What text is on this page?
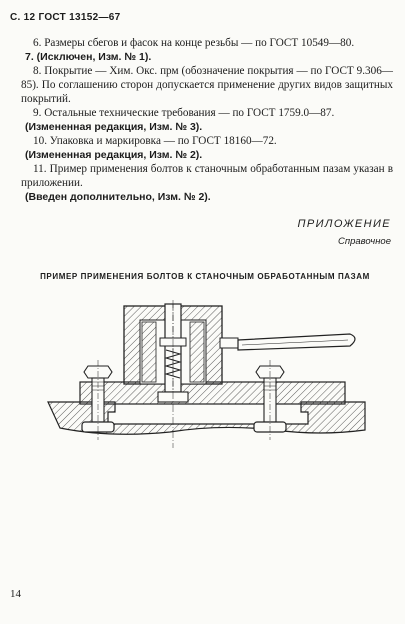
С. 12 ГОСТ 13152—67

6. Размеры сбегов и фасок на конце резьбы — по ГОСТ 10549—80.

7. (Исключен, Изм. № 1).

8. Покрытие — Хим. Окс. прм (обозначение покрытия — по ГОСТ 9.306—85). По соглашению сторон допускается применение других видов защитных покрытий.

9. Остальные технические требования — по ГОСТ 1759.0—87.

(Измененная редакция, Изм. № 3).

10. Упаковка и маркировка — по ГОСТ 18160—72.

(Измененная редакция, Изм. № 2).

11. Пример применения болтов к станочным обработанным пазам указан в приложении.

(Введен дополнительно, Изм. № 2).

ПРИЛОЖЕНИЕ
Справочное
ПРИМЕР ПРИМЕНЕНИЯ БОЛТОВ К СТАНОЧНЫМ ОБРАБОТАННЫМ ПАЗАМ
14
